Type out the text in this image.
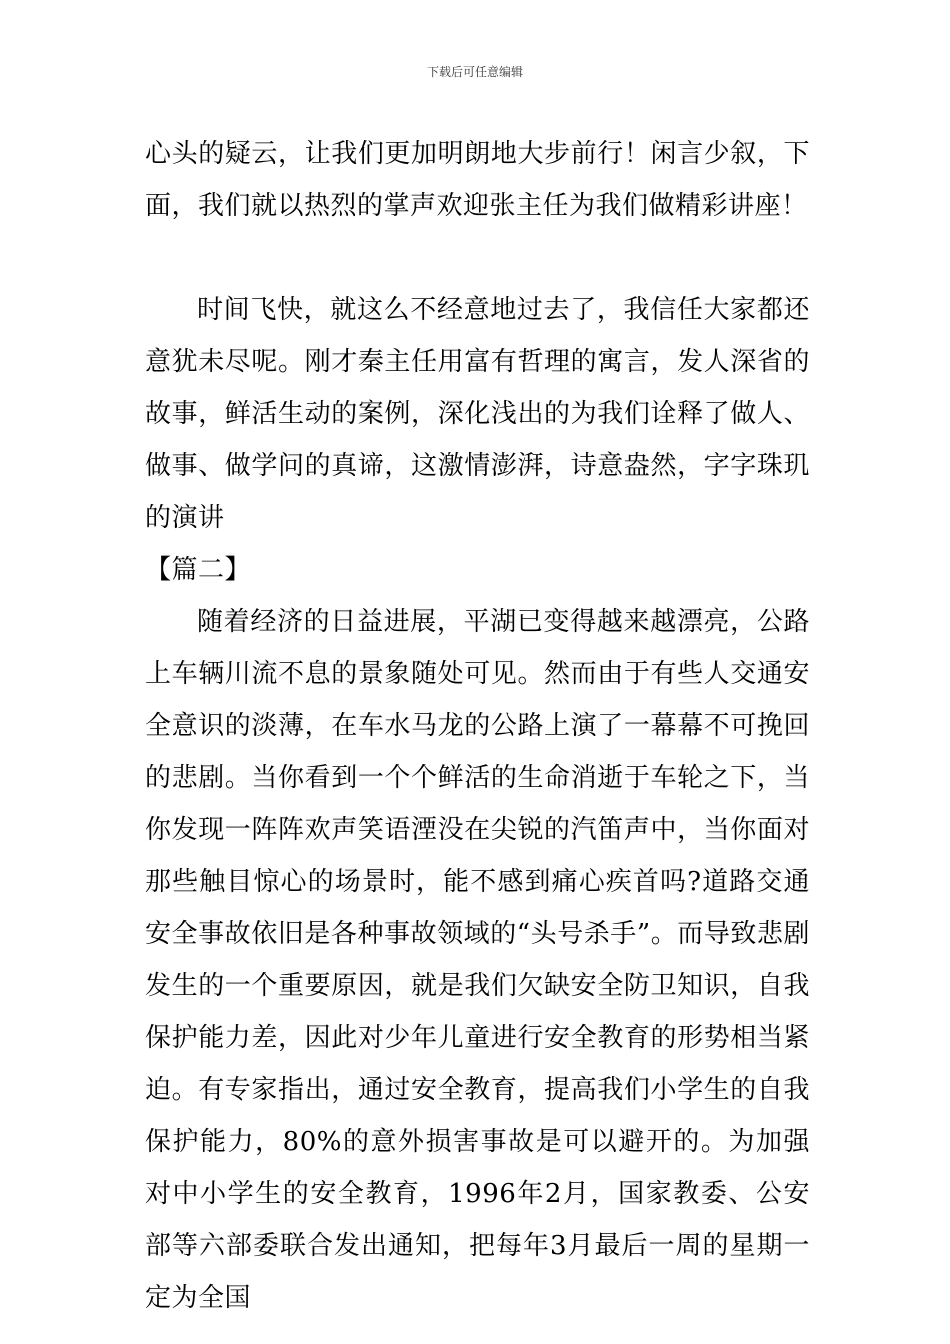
下载后可任意编辑

心头的疑云，让我们更加明朗地大步前行！闲言少叙，下面，我们就以热烈的掌声欢迎张主任为我们做精彩讲座！

时间飞快，就这么不经意地过去了，我信任大家都还意犹未尽呢。刚才秦主任用富有哲理的寓言，发人深省的故事，鲜活生动的案例，深化浅出的为我们诠释了做人、做事、做学问的真谛，这激情澎湃，诗意盎然，字字珠玑的演讲

【篇二】

随着经济的日益进展，平湖已变得越来越漂亮，公路上车辆川流不息的景象随处可见。然而由于有些人交通安全意识的淡薄，在车水马龙的公路上演了一幕幕不可挽回的悲剧。当你看到一个个鲜活的生命消逝于车轮之下，当你发现一阵阵欢声笑语湮没在尖锐的汽笛声中，当你面对那些触目惊心的场景时，能不感到痛心疾首吗?道路交通安全事故依旧是各种事故领域的“头号杀手”。而导致悲剧发生的一个重要原因，就是我们欠缺安全防卫知识，自我保护能力差，因此对少年儿童进行安全教育的形势相当紧迫。有专家指出，通过安全教育，提高我们小学生的自我保护能力，80%的意外损害事故是可以避开的。为加强对中小学生的安全教育，1996年2月，国家教委、公安部等六部委联合发出通知，把每年3月最后一周的星期一定为全国
